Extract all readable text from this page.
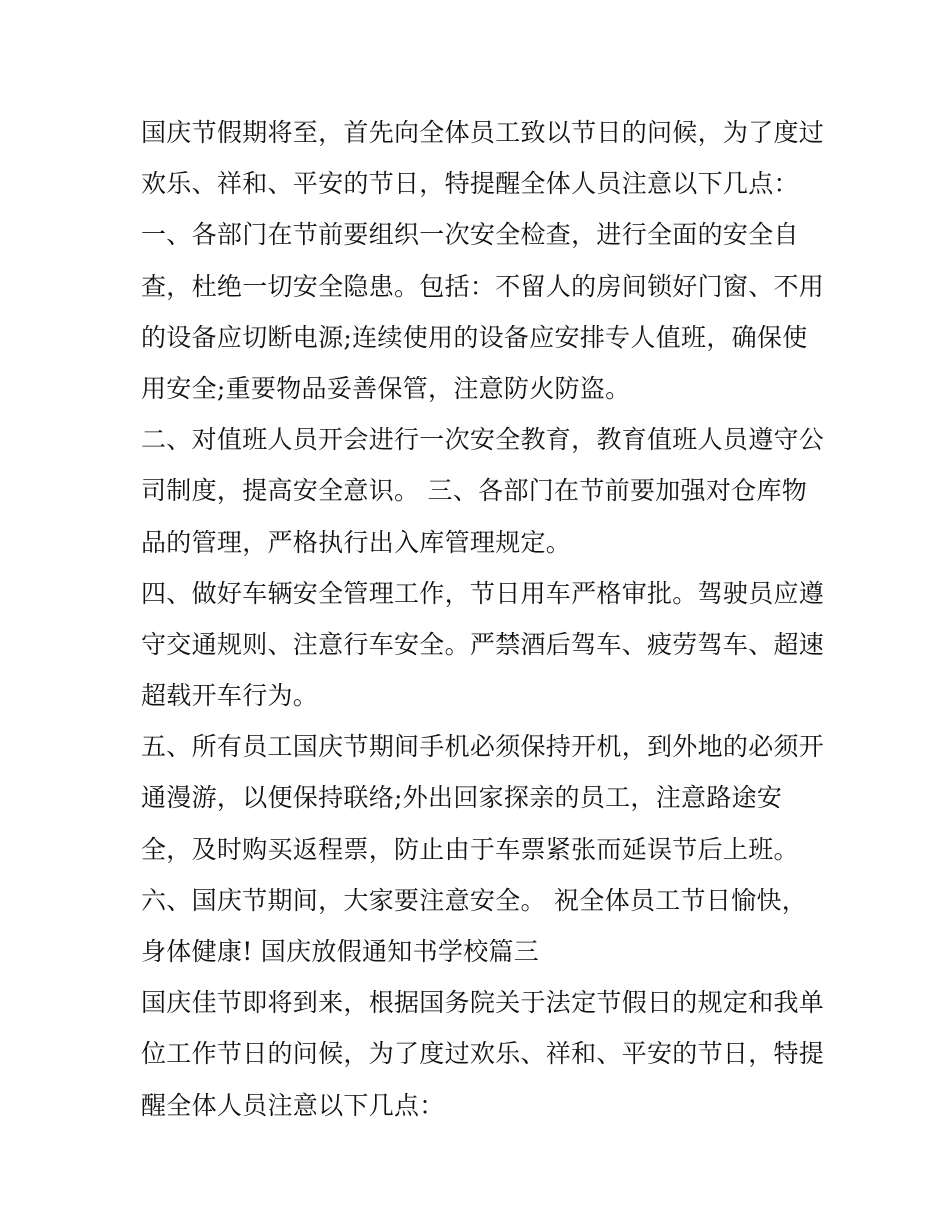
国庆节假期将至，首先向全体员工致以节日的问候，为了度过
欢乐、祥和、平安的节日，特提醒全体人员注意以下几点：
一、各部门在节前要组织一次安全检查，进行全面的安全自
查，杜绝一切安全隐患。包括：不留人的房间锁好门窗、不用
的设备应切断电源;连续使用的设备应安排专人值班，确保使
用安全;重要物品妥善保管，注意防火防盗。
二、对值班人员开会进行一次安全教育，教育值班人员遵守公
司制度，提高安全意识。 三、各部门在节前要加强对仓库物
品的管理，严格执行出入库管理规定。
四、做好车辆安全管理工作，节日用车严格审批。驾驶员应遵
守交通规则、注意行车安全。严禁酒后驾车、疲劳驾车、超速
超载开车行为。
五、所有员工国庆节期间手机必须保持开机，到外地的必须开
通漫游，以便保持联络;外出回家探亲的员工，注意路途安
全，及时购买返程票，防止由于车票紧张而延误节后上班。
六、国庆节期间，大家要注意安全。 祝全体员工节日愉快，
身体健康! 国庆放假通知书学校篇三
国庆佳节即将到来，根据国务院关于法定节假日的规定和我单
位工作节日的问候，为了度过欢乐、祥和、平安的节日，特提
醒全体人员注意以下几点：
